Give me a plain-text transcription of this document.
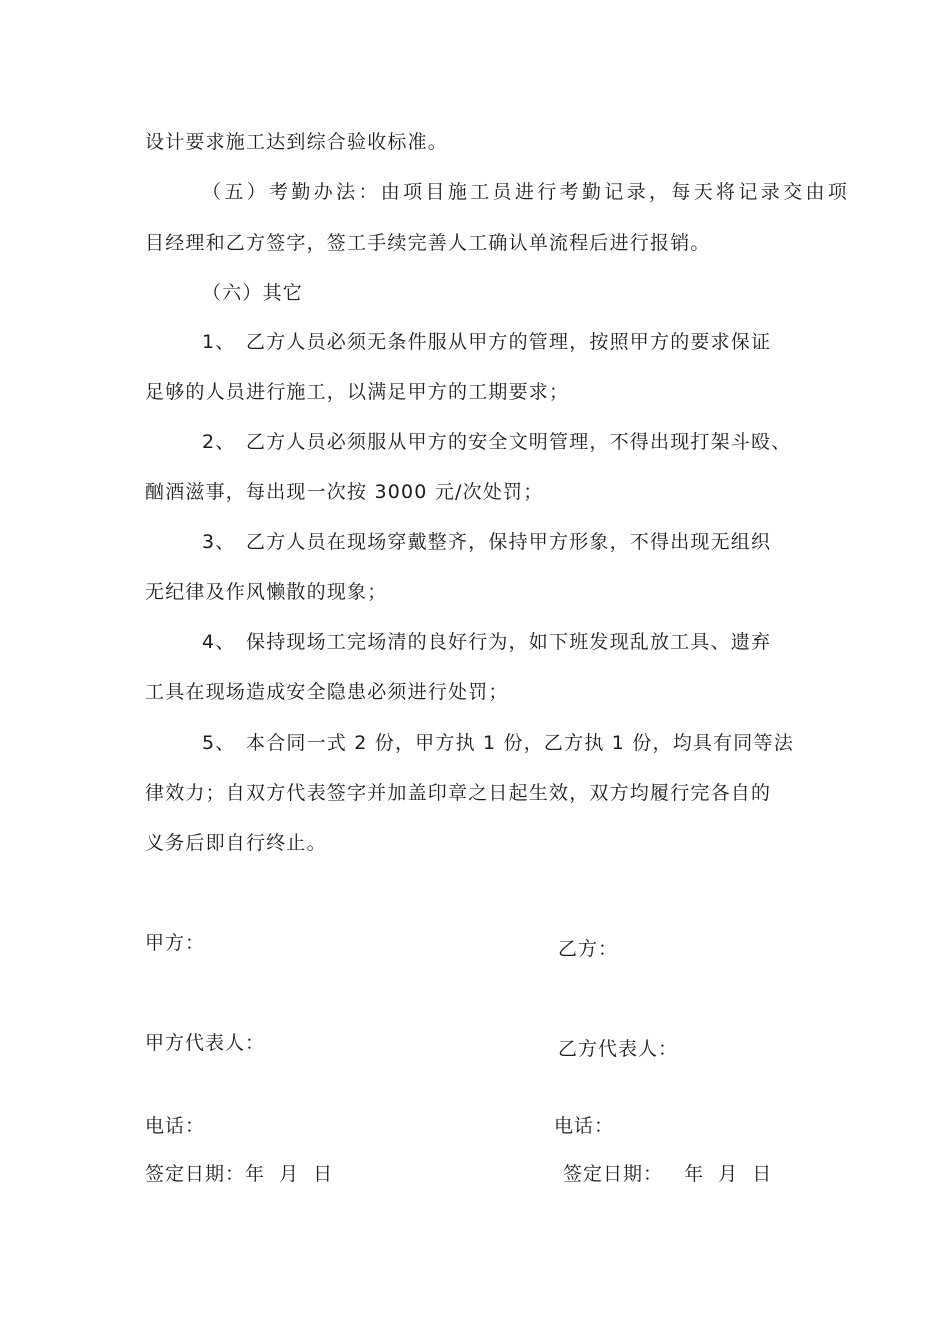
设计要求施工达到综合验收标准。
（五）考勤办法：由项目施工员进行考勤记录，每天将记录交由项
目经理和乙方签字，签工手续完善人工确认单流程后进行报销。
（六）其它
1、 乙方人员必须无条件服从甲方的管理，按照甲方的要求保证
足够的人员进行施工，以满足甲方的工期要求；
2、 乙方人员必须服从甲方的安全文明管理，不得出现打架斗殴、
酗酒滋事，每出现一次按 3000 元/次处罚；
3、 乙方人员在现场穿戴整齐，保持甲方形象，不得出现无组织
无纪律及作风懒散的现象；
4、 保持现场工完场清的良好行为，如下班发现乱放工具、遗弃
工具在现场造成安全隐患必须进行处罚；
5、 本合同一式 2 份，甲方执 1 份，乙方执 1 份，均具有同等法
律效力；自双方代表签字并加盖印章之日起生效，双方均履行完各自的
义务后即自行终止。
甲方：	乙方：
甲方代表人：	乙方代表人：
电话：	电话：
签定日期：年  月  日	签定日期：   年  月  日
